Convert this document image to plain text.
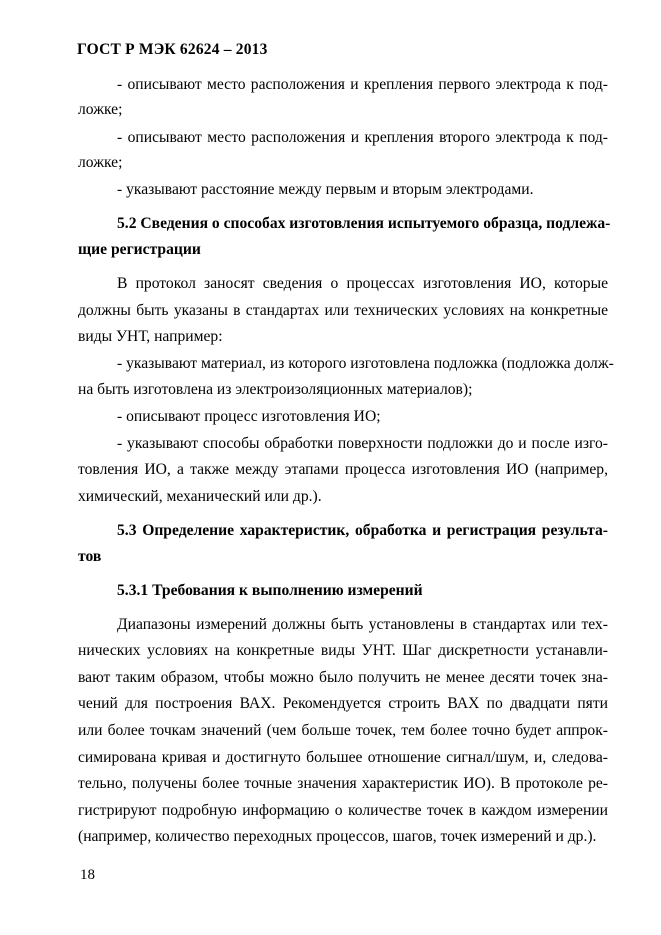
ГОСТ Р МЭК 62624 – 2013
- описывают место расположения и крепления первого электрода к под-
ложке;
- описывают место расположения и крепления второго электрода к под-
ложке;
- указывают расстояние между первым и вторым электродами.
5.2 Сведения о способах изготовления испытуемого образца, подлежа-
щие регистрации
В протокол заносят сведения о процессах изготовления ИО, которые
должны быть указаны в стандартах или технических условиях на конкретные
виды УНТ, например:
- указывают материал, из которого изготовлена подложка (подложка долж-
на быть изготовлена из электроизоляционных материалов);
- описывают процесс изготовления ИО;
- указывают способы обработки поверхности подложки до и после изго-
товления ИО, а также между этапами процесса изготовления ИО (например,
химический, механический или др.).
5.3 Определение характеристик, обработка и регистрация результа-
тов
5.3.1 Требования к выполнению измерений
Диапазоны измерений должны быть установлены в стандартах или тех-
нических условиях на конкретные виды УНТ. Шаг дискретности устанавли-
вают таким образом, чтобы можно было получить не менее десяти точек зна-
чений для построения ВАХ. Рекомендуется строить ВАХ по двадцати пяти
или более точкам значений (чем больше точек, тем более точно будет аппрок-
симирована кривая и достигнуто большее отношение сигнал/шум, и, следова-
тельно, получены более точные значения характеристик ИО). В протоколе ре-
гистрируют подробную информацию о количестве точек в каждом измерении
(например, количество переходных процессов, шагов, точек измерений и др.).
18
